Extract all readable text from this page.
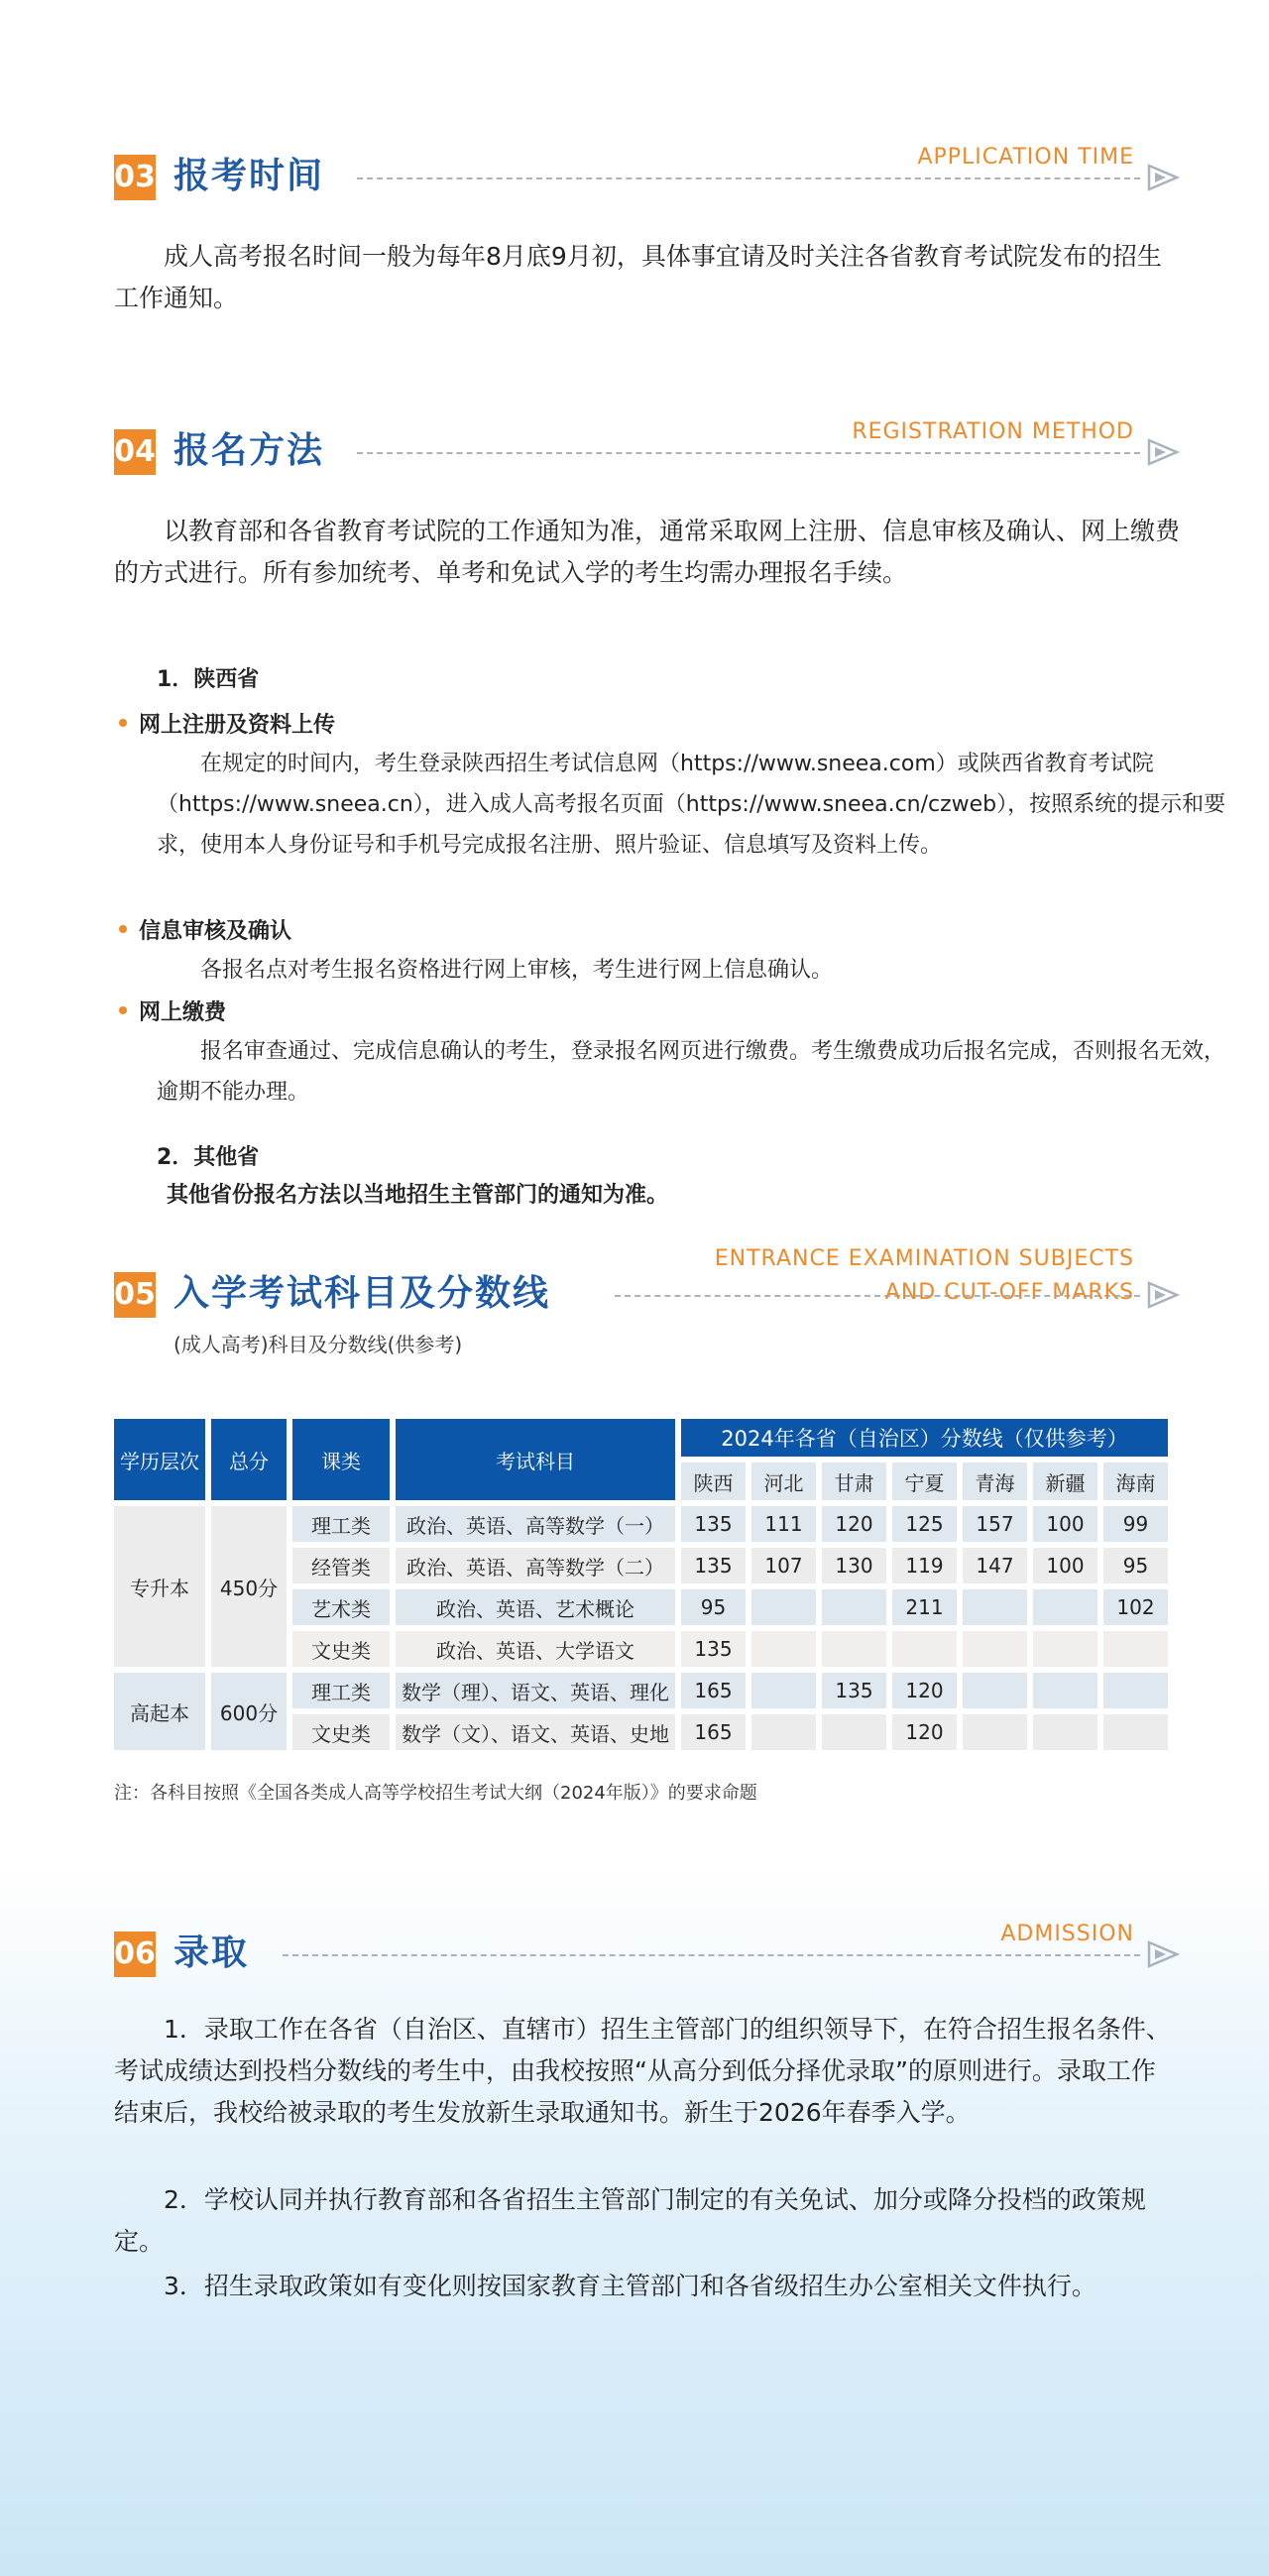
03 报考时间	APPLICATION TIME

成人高考报名时间一般为每年8月底9月初，具体事宜请及时关注各省教育考试院发布的招生工作通知。

04 报名方法	REGISTRATION METHOD

以教育部和各省教育考试院的工作通知为准，通常采取网上注册、信息审核及确认、网上缴费的方式进行。所有参加统考、单考和免试入学的考生均需办理报名手续。

1．陕西省
网上注册及资料上传

在规定的时间内，考生登录陕西招生考试信息网（https://www.sneea.com）或陕西省教育考试院（https://www.sneea.cn），进入成人高考报名页面（https://www.sneea.cn/czweb），按照系统的提示和要求，使用本人身份证号和手机号完成报名注册、照片验证、信息填写及资料上传。

信息审核及确认

各报名点对考生报名资格进行网上审核，考生进行网上信息确认。

网上缴费

报名审查通过、完成信息确认的考生，登录报名网页进行缴费。考生缴费成功后报名完成，否则报名无效，逾期不能办理。

2．其他省
其他省份报名方法以当地招生主管部门的通知为准。
05 入学考试科目及分数线
ENTRANCE EXAMINATION SUBJECTS
AND CUT-OFF MARKS
(成人高考)科目及分数线(供参考)
学历层次	总分	课类	考试科目	2024年各省（自治区）分数线（仅供参考）						
				陕西	河北	甘肃	宁夏	青海	新疆	海南
专升本	450分	理工类	政治、英语、高等数学（一）	135	111	120	125	157	100	99
		经管类	政治、英语、高等数学（二）	135	107	130	119	147	100	95
		艺术类	政治、英语、艺术概论	95			211			102
		文史类	政治、英语、大学语文	135						
高起本	600分	理工类	数学（理）、语文、英语、理化	165		135	120			
		文史类	数学（文）、语文、英语、史地	165			120			
注：各科目按照《全国各类成人高等学校招生考试大纲（2024年版）》的要求命题
06 录取	ADMISSION

1．录取工作在各省（自治区、直辖市）招生主管部门的组织领导下，在符合招生报名条件、考试成绩达到投档分数线的考生中，由我校按照“从高分到低分择优录取”的原则进行。录取工作结束后，我校给被录取的考生发放新生录取通知书。新生于2026年春季入学。

2．学校认同并执行教育部和各省招生主管部门制定的有关免试、加分或降分投档的政策规定。

3．招生录取政策如有变化则按国家教育主管部门和各省级招生办公室相关文件执行。
